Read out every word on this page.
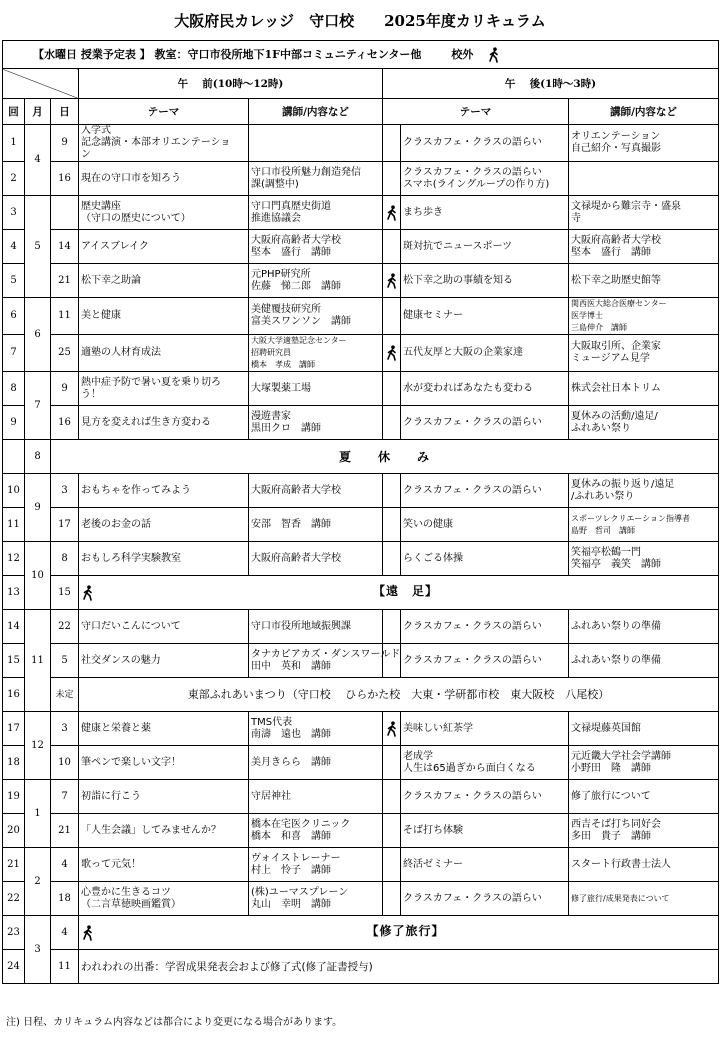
大阪府民カレッジ　守口校　　2025年度カリキュラム
【水曜日 授業予定表 】 教室：守口市役所地下1F中部コミュニティセンター他 校外							
			午　 前(10時～12時)		午　 後(1時～3時)		
回	月	日	テーマ	講師/内容など	テーマ		講師/内容など
1	4	9	入学式
記念講演・本部オリエンテーショ
ン			クラスカフェ・クラスの語らい	オリエンテーション
自己紹介・写真撮影

2		16	現在の守口市を知ろう	守口市役所魅力創造発信
課(調整中)		クラスカフェ・クラスの語らい
スマホ(ライングループの作り方)	

3	5		歴史講座
（守口の歴史について）	守口門真歴史街道
推進協議会		まち歩き	文禄堤から難宗寺・盛泉
寺

4		14	アイスブレイク	大阪府高齢者大学校
堅本　盛行　講師		斑対抗でニュースポーツ	大阪府高齢者大学校
堅本　盛行　講師

5		21	松下幸之助論	元PHP研究所
佐藤　悌二郎　講師		松下幸之助の事績を知る	松下幸之助歴史館等

6	6	11	美と健康	美健覆技研究所
富美スワンソン　講師		健康セミナー	関西医大総合医療センター
医学博士
三島伸介　講師

7		25	適塾の人材育成法	大阪大学適塾記念センター
招聘研究員
橋本　孝成　講師		五代友厚と大阪の企業家達	大阪取引所、企業家
ミュージアム見学

8	7	9	熱中症予防で暑い夏を乗り切ろ
う！	大塚製薬工場		水が変わればあなたも変わる	株式会社日本トリム

9		16	見方を変えれば生き方変わる	漫遊書家
黒田クロ　講師		クラスカフェ・クラスの語らい	夏休みの活動/遠足/
ふれあい祭り

	8	夏　　休　　み					
10	9	3	おもちゃを作ってみよう	大阪府高齢者大学校		クラスカフェ・クラスの語らい	夏休みの振り返り/遠足
/ふれあい祭り

11		17	老後のお金の話	安部　智香　講師		笑いの健康	スポーツレクリエーション指導者
島野　哲司　講師

12	10	8	おもしろ科学実験教室	大阪府高齢者大学校		らくごる体操	笑福亭松鶴一門
笑福亭　義笑　講師

13		15	【遠　足】				
14	11	22	守口だいこんについて	守口市役所地域振興課		クラスカフェ・クラスの語らい	ふれあい祭りの準備

15		5	社交ダンスの魅力	タナカピアカズ・ダンスワールド
田中　英和　講師		クラスカフェ・クラスの語らい	ふれあい祭りの準備

16		未定	東部ふれあいまつり（守口校　 ひらかた校　大東・学研都市校　東大阪校　八尾校）				
17	12	3	健康と栄養と薬	TMS代表
南濤　遠也　講師		美味しい紅茶学	文禄堤藤英国館

18		10	筆ペンで楽しい文字！	美月きらら　講師		老成学
人生は65過ぎから面白くなる	元近畿大学社会学講師
小野田　隆　講師

19	1	7	初詣に行こう	守居神社		クラスカフェ・クラスの語らい	修了旅行について

20		21	「人生会議」してみませんか？	橋本在宅医クリニック
橋本　和喜　講師		そば打ち体験	西吉そば打ち同好会
多田　貴子　講師

21	2	4	歌って元気！	ヴォイストレーナー
村上　怜子　講師		終活ゼミナー	スタート行政書士法人

22		18	心豊かに生きるコツ
（二言草徳映画鑑賞）	(株)ユーマスプレーン
丸山　幸明　講師		クラスカフェ・クラスの語らい	修了旅行/成果発表について

23	3	4	【修了旅行】				
24		11	われわれの出番：学習成果発表会および修了式(修了証書授与)				
注) 日程、カリキュラム内容などは都合により変更になる場合があります。
